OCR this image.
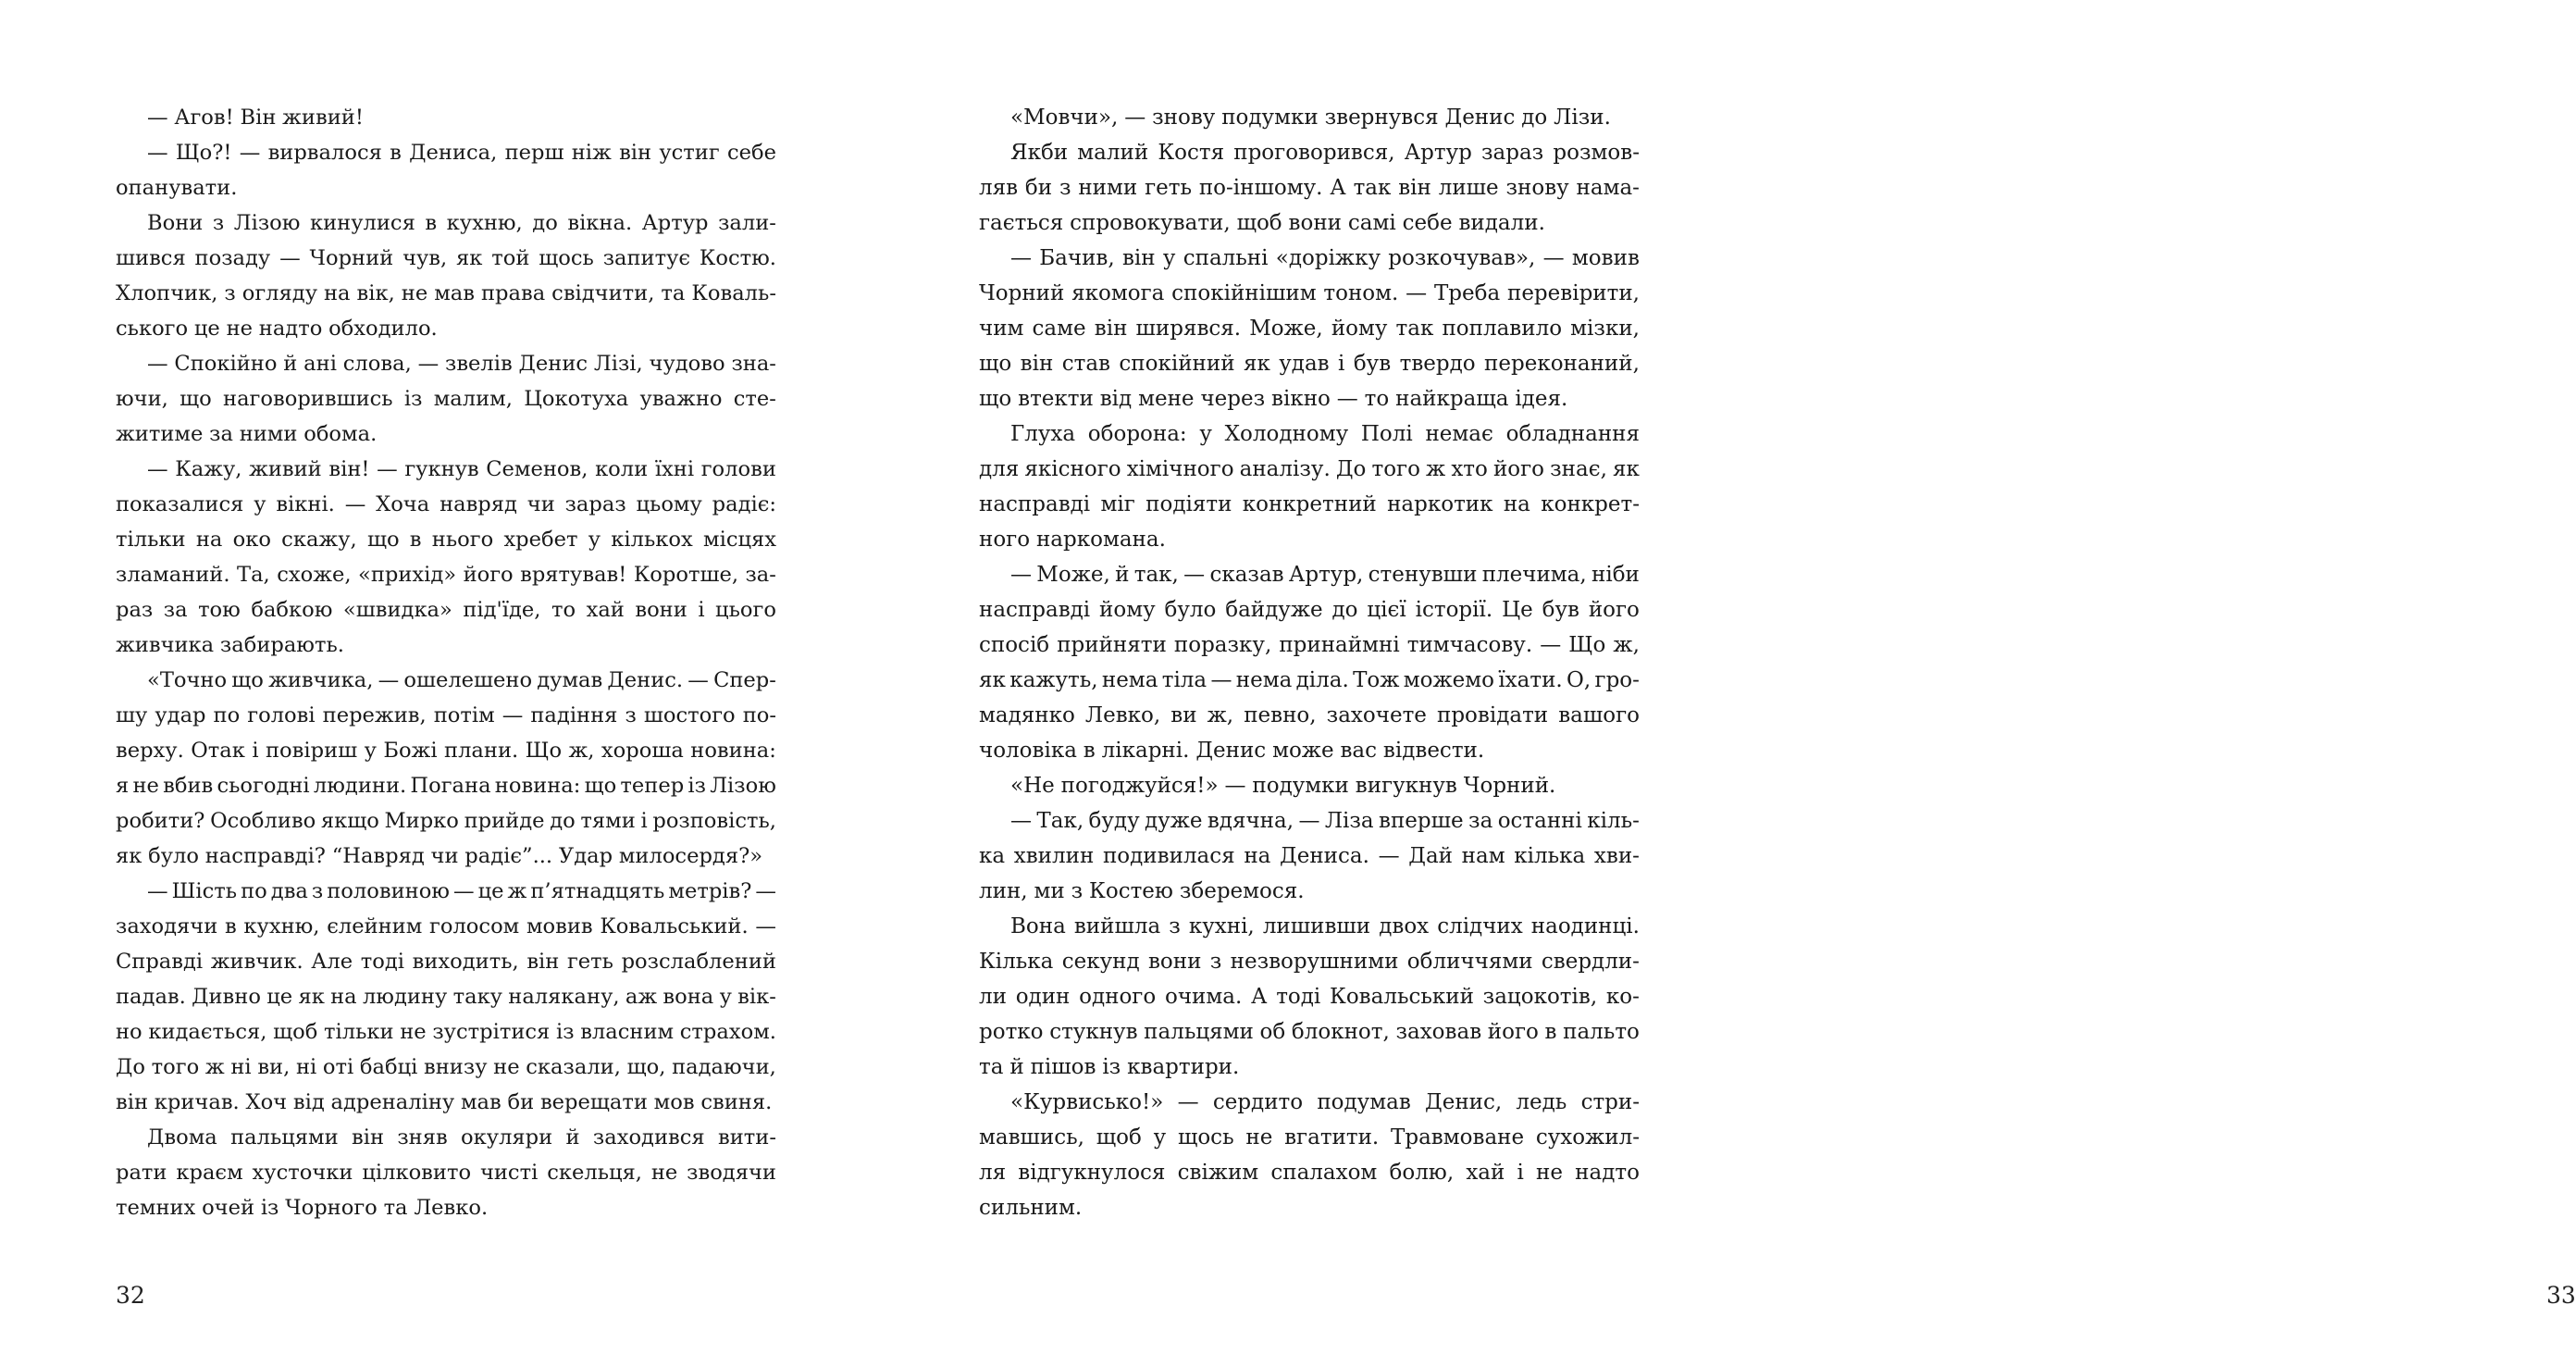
— Агов! Він живий!
— Що?! — вирвалося в Дениса, перш ніж він устиг себе
опанувати.
Вони з Лізою кинулися в кухню, до вікна. Артур зали-
шився позаду — Чорний чув, як той щось запитує Костю.
Хлопчик, з огляду на вік, не мав права свідчити, та Коваль-
ського це не надто обходило.
— Спокійно й ані слова, — звелів Денис Лізі, чудово зна-
ючи, що наговорившись із малим, Цокотуха уважно сте-
житиме за ними обома.
— Кажу, живий він! — гукнув Семенов, коли їхні голови
показалися у вікні. — Хоча навряд чи зараз цьому радіє:
тільки на око скажу, що в нього хребет у кількох місцях
зламаний. Та, схоже, «прихід» його врятував! Коротше, за-
раз за тою бабкою «швидка» під'їде, то хай вони і цього
живчика забирають.
«Точно що живчика, — ошелешено думав Денис. — Спер-
шу удар по голові пережив, потім — падіння з шостого по-
верху. Отак і повіриш у Божі плани. Що ж, хороша новина:
я не вбив сьогодні людини. Погана новина: що тепер із Лізою
робити? Особливо якщо Мирко прийде до тями і розповість,
як було насправді? “Навряд чи радіє”... Удар милосердя?»
— Шість по два з половиною — це ж п’ятнадцять метрів? —
заходячи в кухню, єлейним голосом мовив Ковальський. —
Справді живчик. Але тоді виходить, він геть розслаблений
падав. Дивно це як на людину таку налякану, аж вона у вік-
но кидається, щоб тільки не зустрітися із власним страхом.
До того ж ні ви, ні оті бабці внизу не сказали, що, падаючи,
він кричав. Хоч від адреналіну мав би верещати мов свиня.
Двома пальцями він зняв окуляри й заходився вити-
рати краєм хусточки цілковито чисті скельця, не зводячи
темних очей із Чорного та Левко.
32
«Мовчи», — знову подумки звернувся Денис до Лізи.
Якби малий Костя проговорився, Артур зараз розмов-
ляв би з ними геть по-іншому. А так він лише знову нама-
гається спровокувати, щоб вони самі себе видали.
— Бачив, він у спальні «доріжку розкочував», — мовив
Чорний якомога спокійнішим тоном. — Треба перевірити,
чим саме він ширявся. Може, йому так поплавило мізки,
що він став спокійний як удав і був твердо переконаний,
що втекти від мене через вікно — то найкраща ідея.
Глуха оборона: у Холодному Полі немає обладнання
для якісного хімічного аналізу. До того ж хто його знає, як
насправді міг подіяти конкретний наркотик на конкрет-
ного наркомана.
— Може, й так, — сказав Артур, стенувши плечима, ніби
насправді йому було байдуже до цієї історії. Це був його
спосіб прийняти поразку, принаймні тимчасову. — Що ж,
як кажуть, нема тіла — нема діла. Тож можемо їхати. О, гро-
мадянко Левко, ви ж, певно, захочете провідати вашого
чоловіка в лікарні. Денис може вас відвести.
«Не погоджуйся!» — подумки вигукнув Чорний.
— Так, буду дуже вдячна, — Ліза вперше за останні кіль-
ка хвилин подивилася на Дениса. — Дай нам кілька хви-
лин, ми з Костею зберемося.
Вона вийшла з кухні, лишивши двох слідчих наодинці.
Кілька секунд вони з незворушними обличчями свердли-
ли один одного очима. А тоді Ковальський зацокотів, ко-
ротко стукнув пальцями об блокнот, заховав його в пальто
та й пішов із квартири.
«Курвисько!» — сердито подумав Денис, ледь стри-
мавшись, щоб у щось не вгатити. Травмоване сухожил-
ля відгукнулося свіжим спалахом болю, хай і не надто
сильним.
33
